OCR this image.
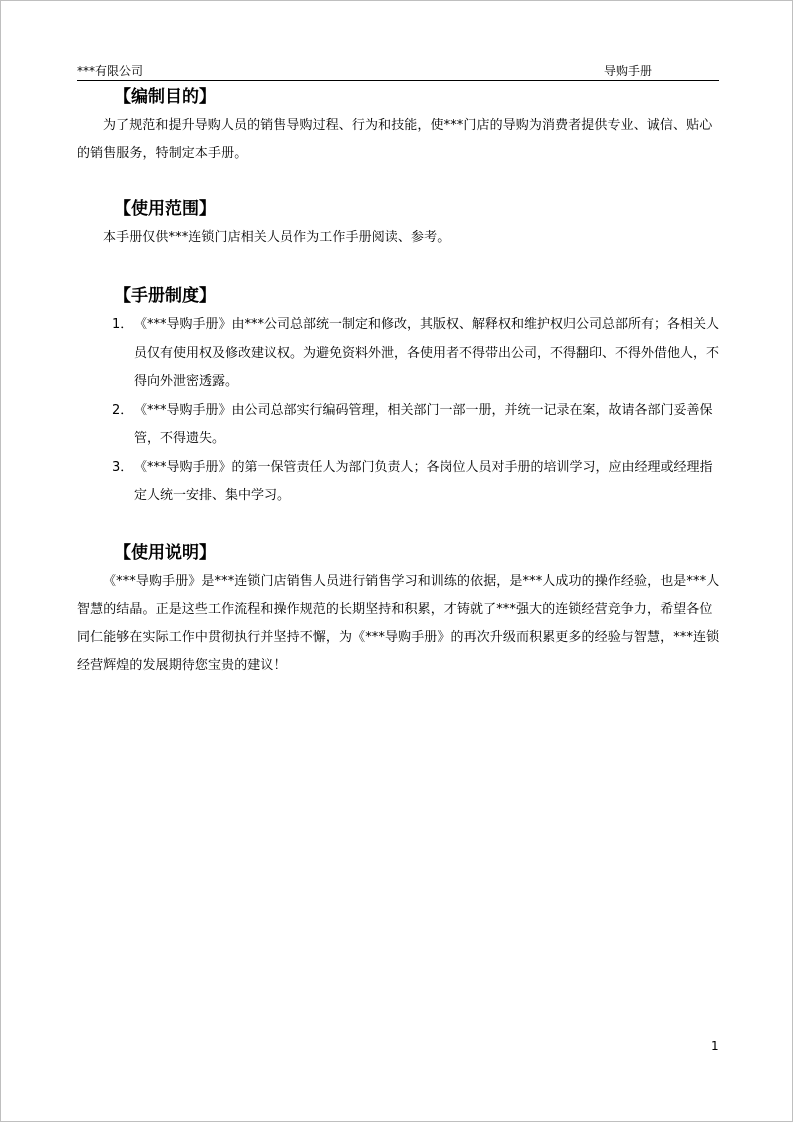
***有限公司	导购手册
【编制目的】

为了规范和提升导购人员的销售导购过程、行为和技能，使***门店的导购为消费者提供专业、诚信、贴心的销售服务，特制定本手册。

【使用范围】

本手册仅供***连锁门店相关人员作为工作手册阅读、参考。

【手册制度】
1． 《***导购手册》由***公司总部统一制定和修改，其版权、解释权和维护权归公司总部所有；各相关人员仅有使用权及修改建议权。为避免资料外泄，各使用者不得带出公司，不得翻印、不得外借他人，不得向外泄密透露。
2． 《***导购手册》由公司总部实行编码管理，相关部门一部一册，并统一记录在案，故请各部门妥善保管，不得遗失。
3． 《***导购手册》的第一保管责任人为部门负责人；各岗位人员对手册的培训学习，应由经理或经理指定人统一安排、集中学习。
【使用说明】

《***导购手册》是***连锁门店销售人员进行销售学习和训练的依据，是***人成功的操作经验，也是***人智慧的结晶。正是这些工作流程和操作规范的长期坚持和积累，才铸就了***强大的连锁经营竞争力，希望各位同仁能够在实际工作中贯彻执行并坚持不懈，为《***导购手册》的再次升级而积累更多的经验与智慧，***连锁经营辉煌的发展期待您宝贵的建议！

1
